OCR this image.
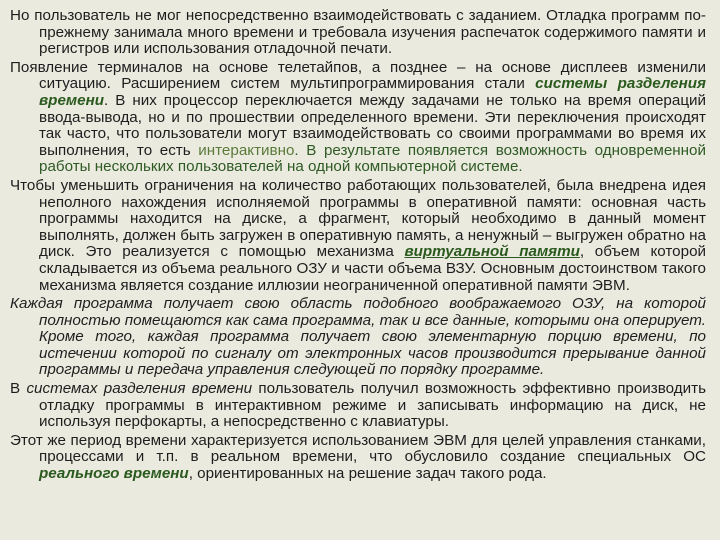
Но пользователь не мог непосредственно взаимодействовать с заданием. Отладка программ по-прежнему занимала много времени и требовала изучения распечаток содержимого памяти и регистров или использования отладочной печати.

Появление терминалов на основе телетайпов, а позднее – на основе дисплеев изменили ситуацию. Расширением систем мультипрограммирования стали системы разделения времени. В них процессор переключается между задачами не только на время операций ввода-вывода, но и по прошествии определенного времени. Эти переключения происходят так часто, что пользователи могут взаимодействовать со своими программами во время их выполнения, то есть интерактивно. В результате появляется возможность одновременной работы нескольких пользователей на одной компьютерной системе.

Чтобы уменьшить ограничения на количество работающих пользователей, была внедрена идея неполного нахождения исполняемой программы в оперативной памяти: основная часть программы находится на диске, а фрагмент, который необходимо в данный момент выполнять, должен быть загружен в оперативную память, а ненужный – выгружен обратно на диск. Это реализуется с помощью механизма виртуальной памяти, объем которой складывается из объема реального ОЗУ и части объема ВЗУ. Основным достоинством такого механизма является создание иллюзии неограниченной оперативной памяти ЭВМ.

Каждая программа получает свою область подобного воображаемого ОЗУ, на которой полностью помещаются как сама программа, так и все данные, которыми она оперирует. Кроме того, каждая программа получает свою элементарную порцию времени, по истечении которой по сигналу от электронных часов производится прерывание данной программы и передача управления следующей по порядку программе.

В системах разделения времени пользователь получил возможность эффективно производить отладку программы в интерактивном режиме и записывать информацию на диск, не используя перфокарты, а непосредственно с клавиатуры.

Этот же период времени характеризуется использованием ЭВМ для целей управления станками, процессами и т.п. в реальном времени, что обусловило создание специальных ОС реального времени, ориентированных на решение задач такого рода.
